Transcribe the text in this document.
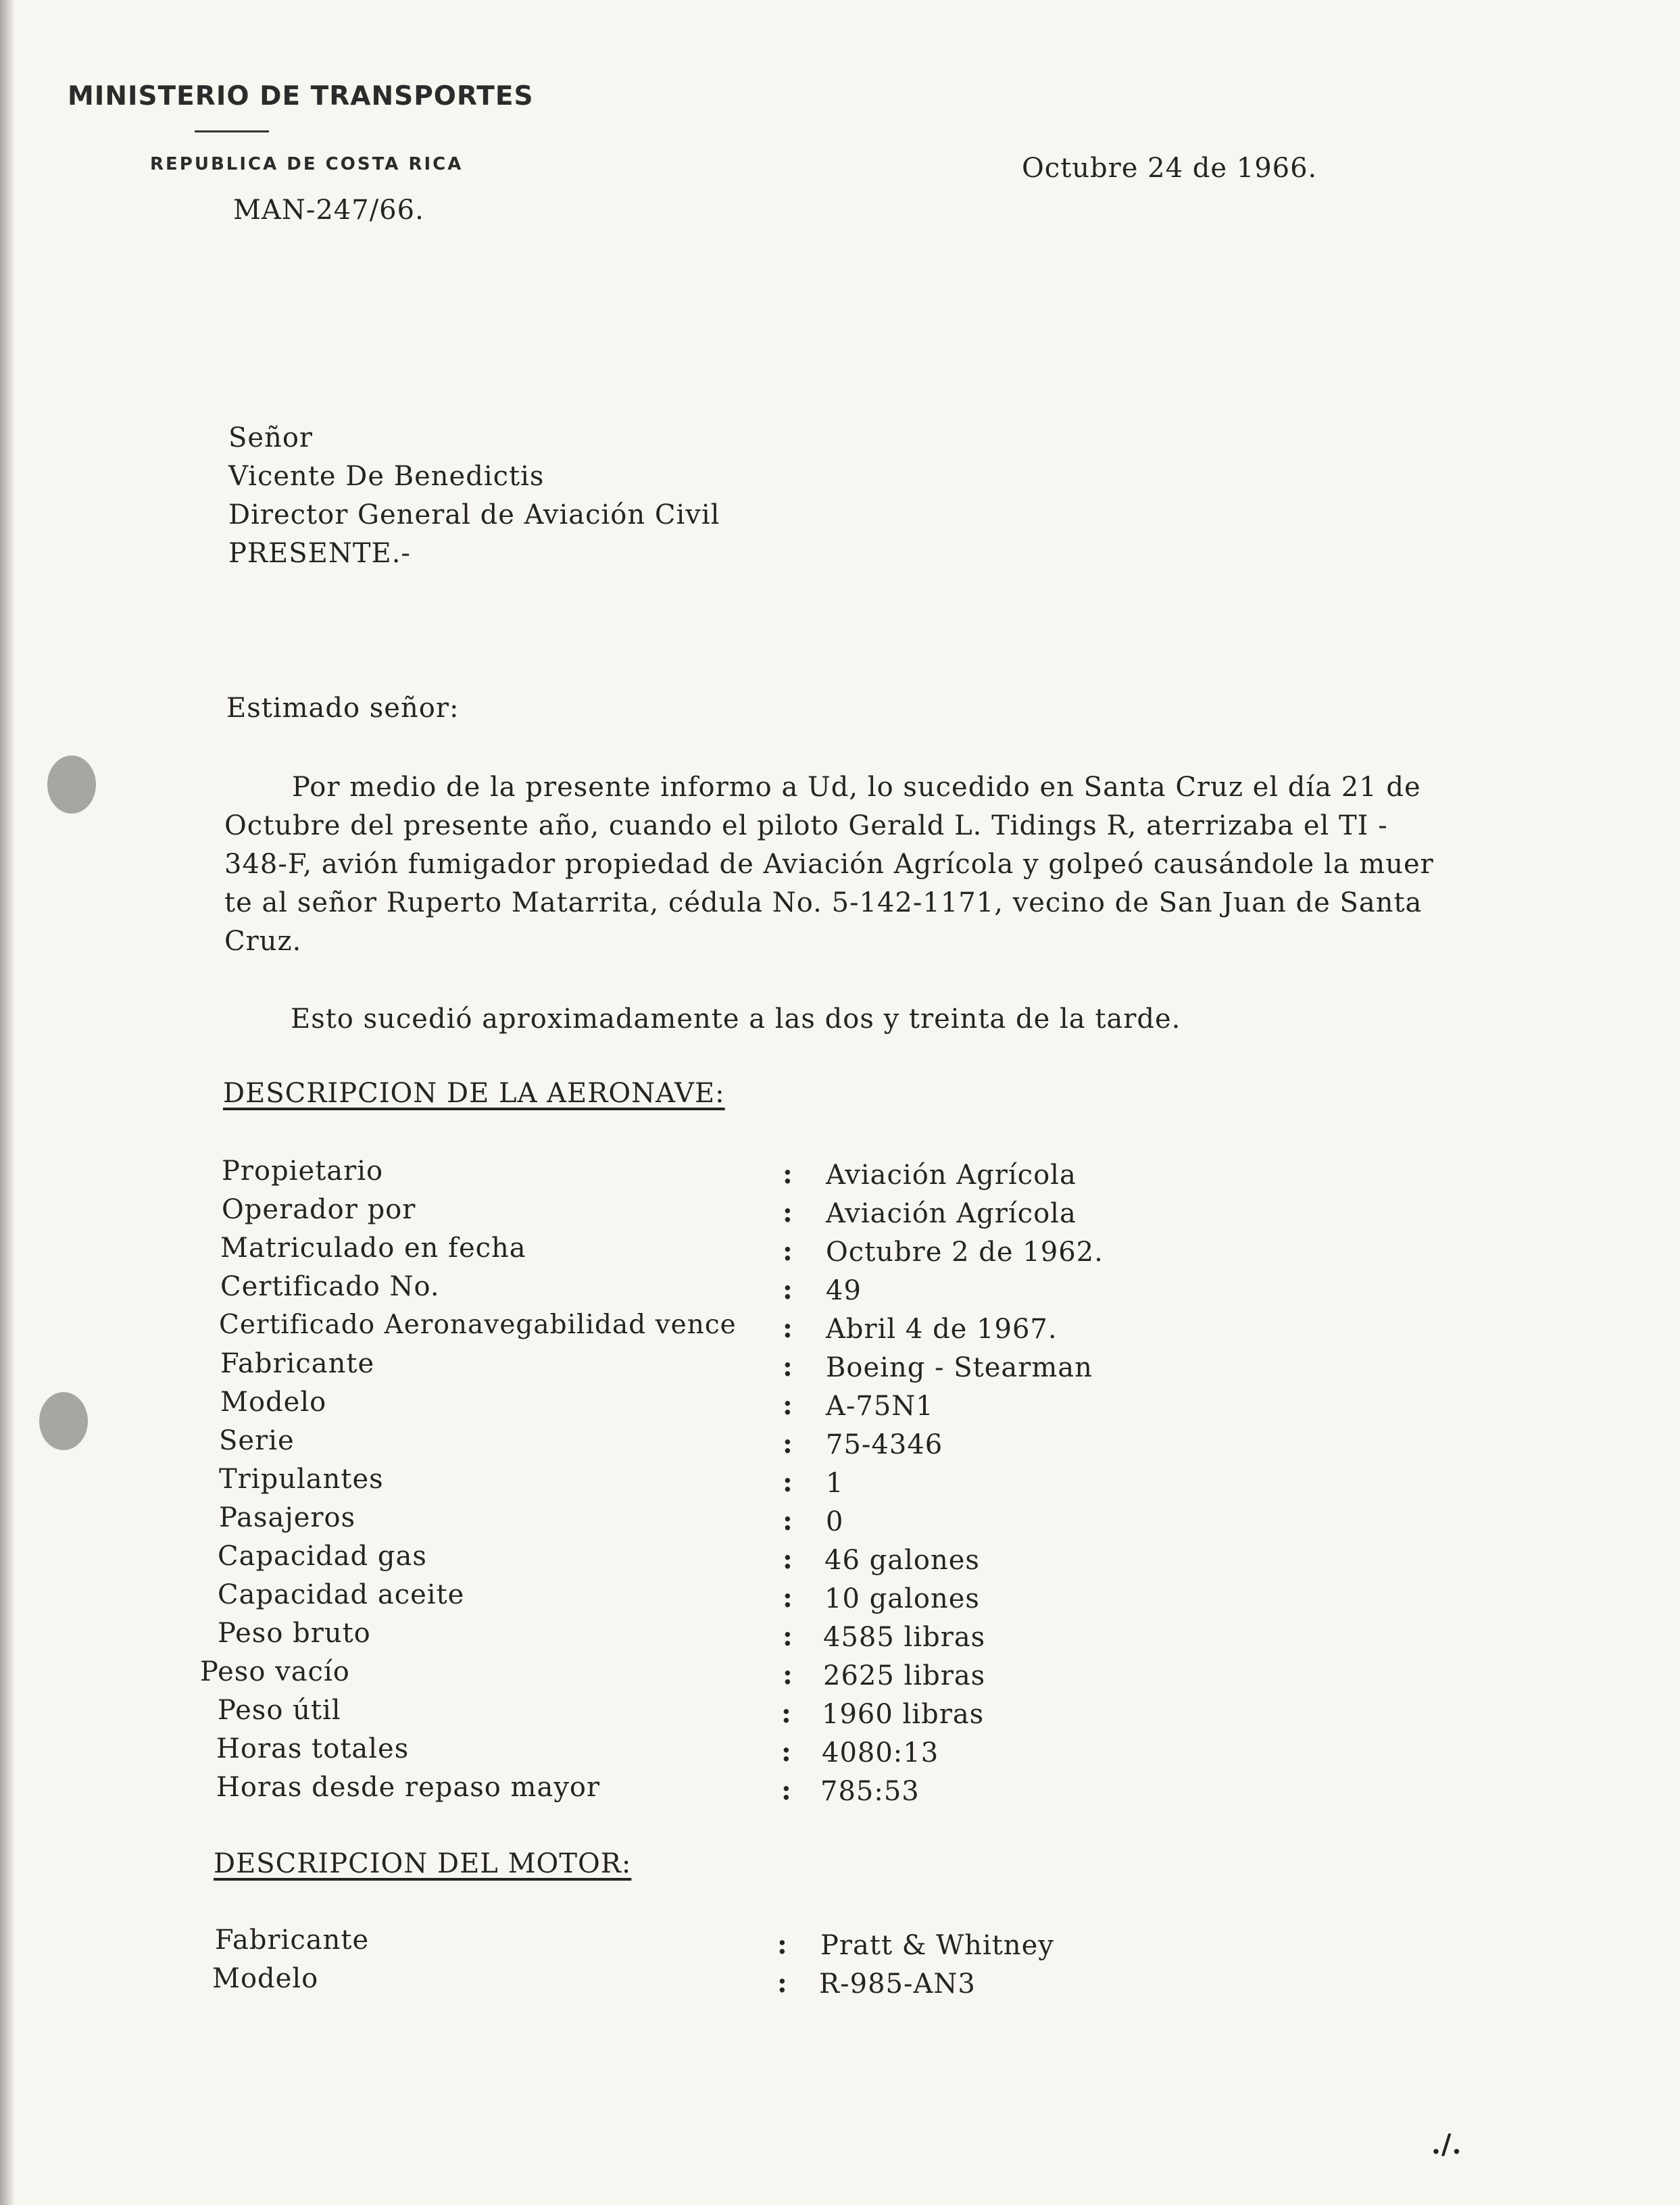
MINISTERIO DE TRANSPORTES
REPUBLICA DE COSTA RICA
MAN-247/66.
Octubre 24 de 1966.
Señor
Vicente De Benedictis
Director General de Aviación Civil
PRESENTE.-
Estimado señor:
Por medio de la presente informo a Ud, lo sucedido en Santa Cruz el día 21 de
Octubre del presente año, cuando el piloto Gerald L. Tidings R, aterrizaba el TI -
348-F, avión fumigador propiedad de Aviación Agrícola y golpeó causándole la muer
te al señor Ruperto Matarrita, cédula No. 5-142-1171, vecino de San Juan de Santa
Cruz.
Esto sucedió aproximadamente a las dos y treinta de la tarde.
DESCRIPCION DE LA AERONAVE:
Propietario	: Aviación Agrícola
Operador por	: Aviación Agrícola
Matriculado en fecha	: Octubre 2 de 1962.
Certificado No.	: 49
Certificado Aeronavegabilidad vence : Abril 4 de 1967.
Fabricante	: Boeing - Stearman
Modelo	: A-75N1
Serie	: 75-4346
Tripulantes	: 1
Pasajeros	: 0
Capacidad gas	: 46 galones
Capacidad aceite	: 10 galones
Peso bruto	: 4585 libras
Peso vacío	: 2625 libras
Peso útil	: 1960 libras
Horas totales	: 4080:13
Horas desde repaso mayor	: 785:53
DESCRIPCION DEL MOTOR:
Fabricante	: Pratt & Whitney
Modelo	: R-985-AN3
./.
